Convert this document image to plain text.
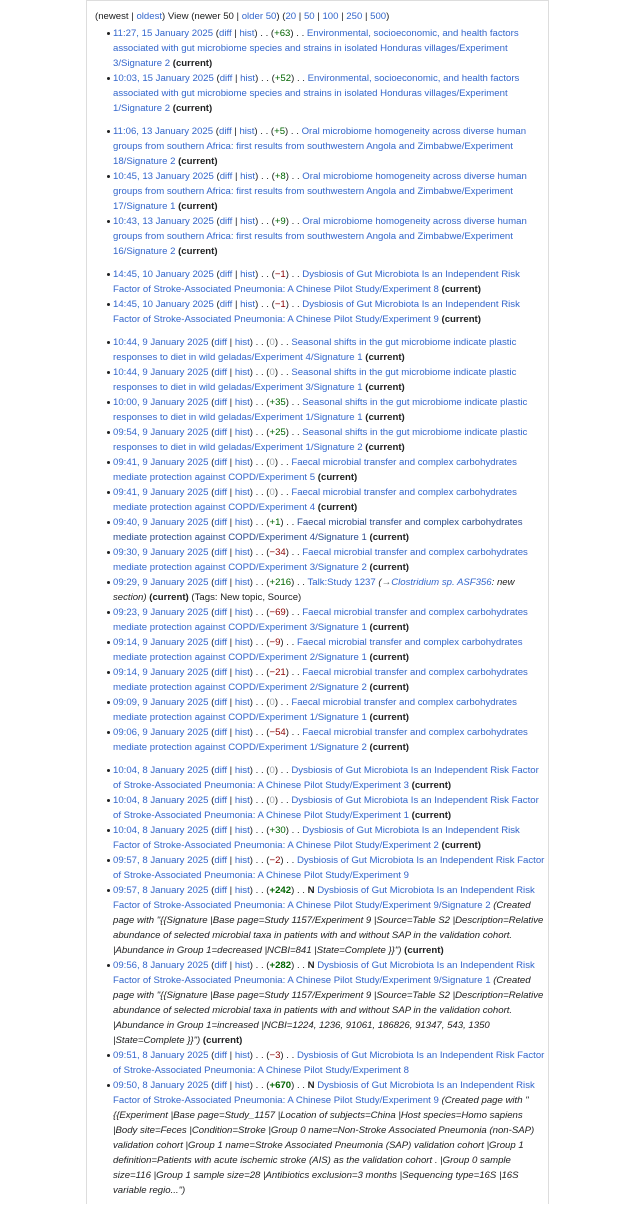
(newest | oldest) View (newer 50 | older 50) (20 | 50 | 100 | 250 | 500)
11:27, 15 January 2025 (diff | hist) . . (+63) . . Environmental, socioeconomic, and health factors associated with gut microbiome species and strains in isolated Honduras villages/Experiment 3/Signature 2 (current)
10:03, 15 January 2025 (diff | hist) . . (+52) . . Environmental, socioeconomic, and health factors associated with gut microbiome species and strains in isolated Honduras villages/Experiment 1/Signature 2 (current)
11:06, 13 January 2025 (diff | hist) . . (+5) . . Oral microbiome homogeneity across diverse human groups from southern Africa: first results from southwestern Angola and Zimbabwe/Experiment 18/Signature 2 (current)
10:45, 13 January 2025 (diff | hist) . . (+8) . . Oral microbiome homogeneity across diverse human groups from southern Africa: first results from southwestern Angola and Zimbabwe/Experiment 17/Signature 1 (current)
10:43, 13 January 2025 (diff | hist) . . (+9) . . Oral microbiome homogeneity across diverse human groups from southern Africa: first results from southwestern Angola and Zimbabwe/Experiment 16/Signature 2 (current)
14:45, 10 January 2025 (diff | hist) . . (−1) . . Dysbiosis of Gut Microbiota Is an Independent Risk Factor of Stroke-Associated Pneumonia: A Chinese Pilot Study/Experiment 8 (current)
14:45, 10 January 2025 (diff | hist) . . (−1) . . Dysbiosis of Gut Microbiota Is an Independent Risk Factor of Stroke-Associated Pneumonia: A Chinese Pilot Study/Experiment 9 (current)
10:44, 9 January 2025 (diff | hist) . . (0) . . Seasonal shifts in the gut microbiome indicate plastic responses to diet in wild geladas/Experiment 4/Signature 1 (current)
10:44, 9 January 2025 (diff | hist) . . (0) . . Seasonal shifts in the gut microbiome indicate plastic responses to diet in wild geladas/Experiment 3/Signature 1 (current)
10:00, 9 January 2025 (diff | hist) . . (+35) . . Seasonal shifts in the gut microbiome indicate plastic responses to diet in wild geladas/Experiment 1/Signature 1 (current)
09:54, 9 January 2025 (diff | hist) . . (+25) . . Seasonal shifts in the gut microbiome indicate plastic responses to diet in wild geladas/Experiment 1/Signature 2 (current)
09:41, 9 January 2025 (diff | hist) . . (0) . . Faecal microbial transfer and complex carbohydrates mediate protection against COPD/Experiment 5 (current)
09:41, 9 January 2025 (diff | hist) . . (0) . . Faecal microbial transfer and complex carbohydrates mediate protection against COPD/Experiment 4 (current)
09:40, 9 January 2025 (diff | hist) . . (+1) . . Faecal microbial transfer and complex carbohydrates mediate protection against COPD/Experiment 4/Signature 1 (current)
09:30, 9 January 2025 (diff | hist) . . (−34) . . Faecal microbial transfer and complex carbohydrates mediate protection against COPD/Experiment 3/Signature 2 (current)
09:29, 9 January 2025 (diff | hist) . . (+216) . . Talk:Study 1237 (→Clostridium sp. ASF356: new section) (current) (Tags: New topic, Source)
09:23, 9 January 2025 (diff | hist) . . (−69) . . Faecal microbial transfer and complex carbohydrates mediate protection against COPD/Experiment 3/Signature 1 (current)
09:14, 9 January 2025 (diff | hist) . . (−9) . . Faecal microbial transfer and complex carbohydrates mediate protection against COPD/Experiment 2/Signature 1 (current)
09:14, 9 January 2025 (diff | hist) . . (−21) . . Faecal microbial transfer and complex carbohydrates mediate protection against COPD/Experiment 2/Signature 2 (current)
09:09, 9 January 2025 (diff | hist) . . (0) . . Faecal microbial transfer and complex carbohydrates mediate protection against COPD/Experiment 1/Signature 1 (current)
09:06, 9 January 2025 (diff | hist) . . (−54) . . Faecal microbial transfer and complex carbohydrates mediate protection against COPD/Experiment 1/Signature 2 (current)
10:04, 8 January 2025 (diff | hist) . . (0) . . Dysbiosis of Gut Microbiota Is an Independent Risk Factor of Stroke-Associated Pneumonia: A Chinese Pilot Study/Experiment 3 (current)
10:04, 8 January 2025 (diff | hist) . . (0) . . Dysbiosis of Gut Microbiota Is an Independent Risk Factor of Stroke-Associated Pneumonia: A Chinese Pilot Study/Experiment 1 (current)
10:04, 8 January 2025 (diff | hist) . . (+30) . . Dysbiosis of Gut Microbiota Is an Independent Risk Factor of Stroke-Associated Pneumonia: A Chinese Pilot Study/Experiment 2 (current)
09:57, 8 January 2025 (diff | hist) . . (−2) . . Dysbiosis of Gut Microbiota Is an Independent Risk Factor of Stroke-Associated Pneumonia: A Chinese Pilot Study/Experiment 9
09:57, 8 January 2025 (diff | hist) . . (+242) . . N Dysbiosis of Gut Microbiota Is an Independent Risk Factor of Stroke-Associated Pneumonia: A Chinese Pilot Study/Experiment 9/Signature 2 (Created page with "{{Signature |Base page=Study 1157/Experiment 9 |Source=Table S2 |Description=Relative abundance of selected microbial taxa in patients with and without SAP in the validation cohort. |Abundance in Group 1=decreased |NCBI=841 |State=Complete }}") (current)
09:56, 8 January 2025 (diff | hist) . . (+282) . . N Dysbiosis of Gut Microbiota Is an Independent Risk Factor of Stroke-Associated Pneumonia: A Chinese Pilot Study/Experiment 9/Signature 1 (Created page with "{{Signature |Base page=Study 1157/Experiment 9 |Source=Table S2 |Description=Relative abundance of selected microbial taxa in patients with and without SAP in the validation cohort. |Abundance in Group 1=increased |NCBI=1224, 1236, 91061, 186826, 91347, 543, 1350 |State=Complete }}") (current)
09:51, 8 January 2025 (diff | hist) . . (−3) . . Dysbiosis of Gut Microbiota Is an Independent Risk Factor of Stroke-Associated Pneumonia: A Chinese Pilot Study/Experiment 8
09:50, 8 January 2025 (diff | hist) . . (+670) . . N Dysbiosis of Gut Microbiota Is an Independent Risk Factor of Stroke-Associated Pneumonia: A Chinese Pilot Study/Experiment 9 (Created page with " {{Experiment |Base page=Study_1157 |Location of subjects=China |Host species=Homo sapiens |Body site=Feces |Condition=Stroke |Group 0 name=Non-Stroke Associated Pneumonia (non-SAP) validation cohort |Group 1 name=Stroke Associated Pneumonia (SAP) validation cohort |Group 1 definition=Patients with acute ischemic stroke (AIS) as the validation cohort . |Group 0 sample size=116 |Group 1 sample size=28 |Antibiotics exclusion=3 months |Sequencing type=16S |16S variable regio...")
